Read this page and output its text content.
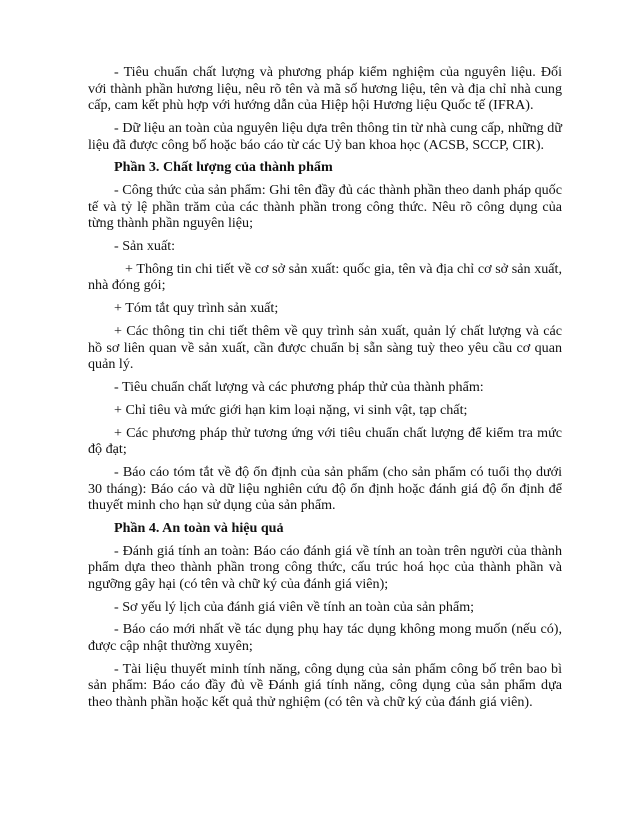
- Tiêu chuẩn chất lượng và phương pháp kiểm nghiệm của nguyên liệu. Đối với thành phần hương liệu, nêu rõ tên và mã số hương liệu, tên và địa chỉ nhà cung cấp, cam kết phù hợp với hướng dẫn của Hiệp hội Hương liệu Quốc tế (IFRA).

- Dữ liệu an toàn của nguyên liệu dựa trên thông tin từ nhà cung cấp, những dữ liệu đã được công bố hoặc báo cáo từ các Uỷ ban khoa học (ACSB, SCCP, CIR).

Phần 3. Chất lượng của thành phẩm

- Công thức của sản phẩm: Ghi tên đầy đủ các thành phần theo danh pháp quốc tế và tỷ lệ phần trăm của các thành phần trong công thức. Nêu rõ công dụng của từng thành phần nguyên liệu;

- Sản xuất:

+ Thông tin chi tiết về cơ sở sản xuất: quốc gia, tên và địa chỉ cơ sở sản xuất, nhà đóng gói;

+ Tóm tắt quy trình sản xuất;

+ Các thông tin chi tiết thêm về quy trình sản xuất, quản lý chất lượng và các hồ sơ liên quan về sản xuất, cần được chuẩn bị sẵn sàng tuỳ theo yêu cầu cơ quan quản lý.

- Tiêu chuẩn chất lượng và các phương pháp thử của thành phẩm:

+ Chỉ tiêu và mức giới hạn kim loại nặng, vi sinh vật, tạp chất;

+ Các phương pháp thử tương ứng với tiêu chuẩn chất lượng để kiểm tra mức độ đạt;

- Báo cáo tóm tắt về độ ổn định của sản phẩm (cho sản phẩm có tuổi thọ dưới 30 tháng): Báo cáo và dữ liệu nghiên cứu độ ổn định hoặc đánh giá độ ổn định để thuyết minh cho hạn sử dụng của sản phẩm.

Phần 4. An toàn và hiệu quả

- Đánh giá tính an toàn: Báo cáo đánh giá về tính an toàn trên người của thành phẩm dựa theo thành phần trong công thức, cấu trúc hoá học của thành phần và ngưỡng gây hại (có tên và chữ ký của đánh giá viên);

- Sơ yếu lý lịch của đánh giá viên về tính an toàn của sản phẩm;

- Báo cáo mới nhất về tác dụng phụ hay tác dụng không mong muốn (nếu có), được cập nhật thường xuyên;

- Tài liệu thuyết minh tính năng, công dụng của sản phẩm công bố trên bao bì sản phẩm: Báo cáo đầy đủ về Đánh giá tính năng, công dụng của sản phẩm dựa theo thành phần hoặc kết quả thử nghiệm (có tên và chữ ký của đánh giá viên).
